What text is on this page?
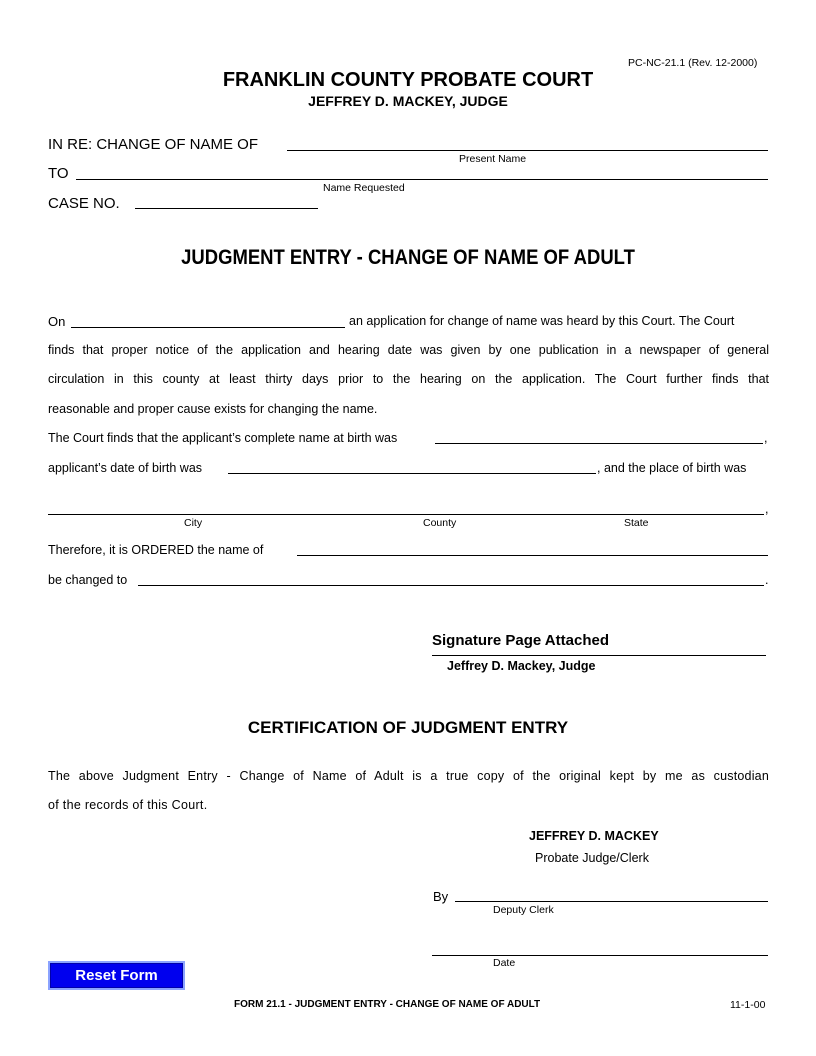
PC-NC-21.1 (Rev. 12-2000)
FRANKLIN COUNTY PROBATE COURT
JEFFREY D. MACKEY, JUDGE
IN RE: CHANGE OF NAME OF
Present Name
TO
Name Requested
CASE NO.
JUDGMENT ENTRY - CHANGE OF NAME OF ADULT
On	an application for change of name was heard by this Court. The Court
finds that proper notice of the application and hearing date was given by one publication in a newspaper of general
circulation in this county at least thirty days prior to the hearing on the application. The Court further finds that
reasonable and proper cause exists for changing the name.
The Court finds that the applicant’s complete name at birth was	,
applicant’s date of birth was	, and the place of birth was
,
City	County	State
Therefore, it is ORDERED the name of
be changed to	.
Signature Page Attached
Jeffrey D. Mackey, Judge
CERTIFICATION OF JUDGMENT ENTRY
The above Judgment Entry - Change of Name of Adult is a true copy of the original kept by me as custodian
of the records of this Court.
JEFFREY D. MACKEY
Probate Judge/Clerk
By
Deputy Clerk
Date
Reset Form
FORM 21.1 - JUDGMENT ENTRY - CHANGE OF NAME OF ADULT	11-1-00
